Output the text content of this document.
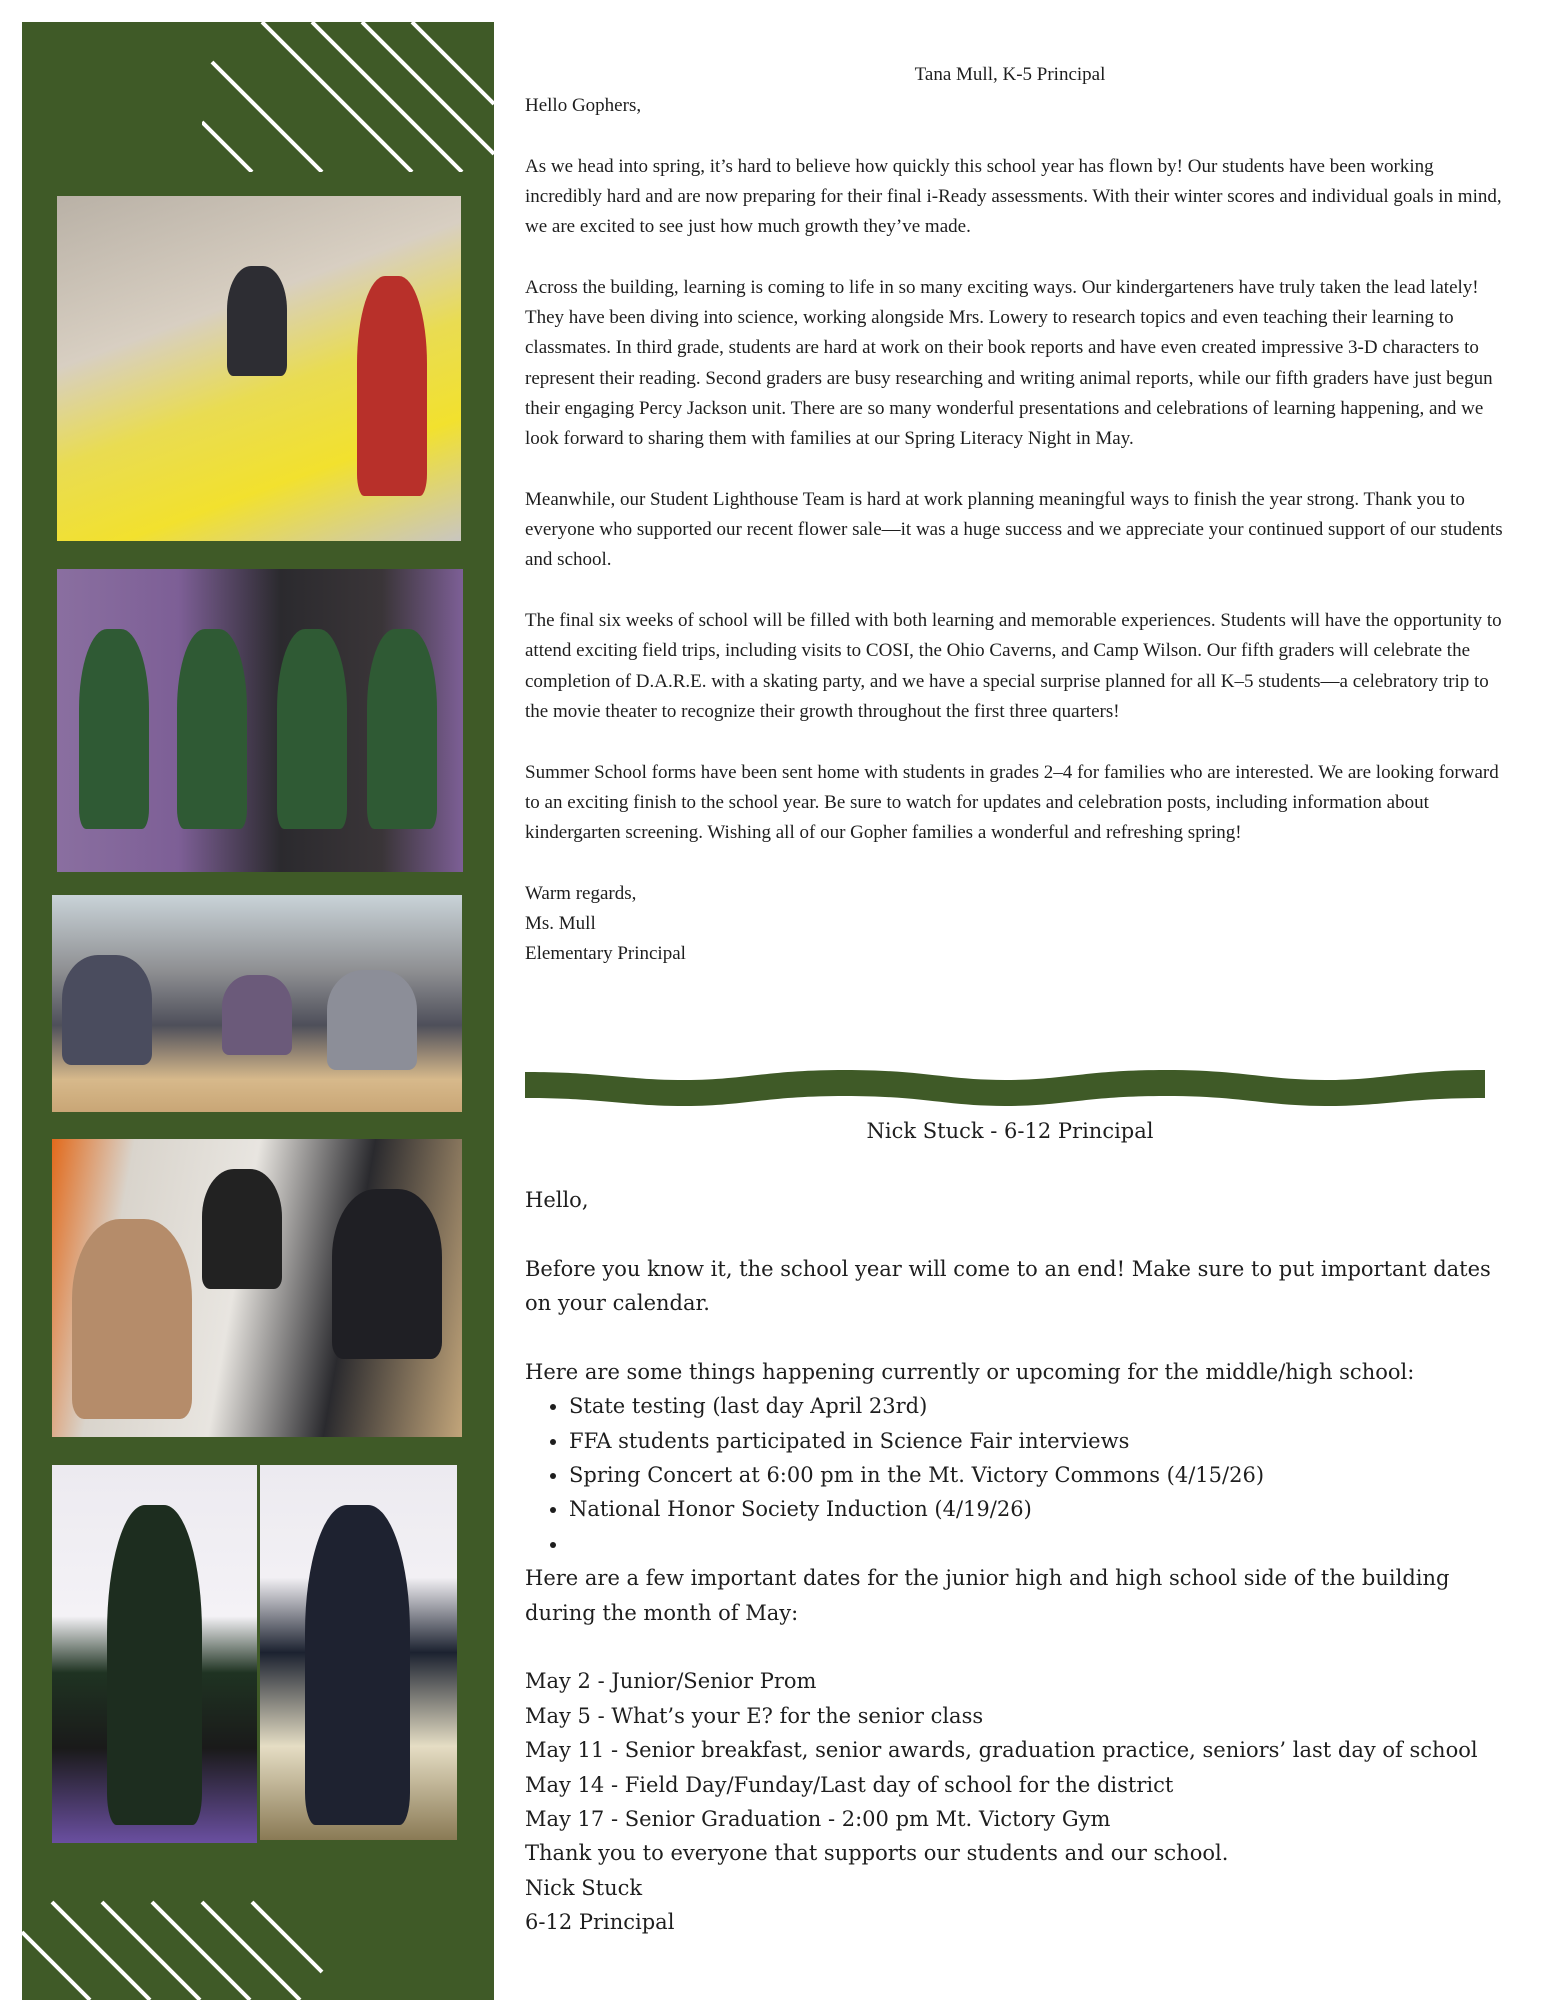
Tana Mull, K-5 Principal

Hello Gophers,

As we head into spring, it’s hard to believe how quickly this school year has flown by! Our students have been working incredibly hard and are now preparing for their final i-Ready assessments. With their winter scores and individual goals in mind, we are excited to see just how much growth they’ve made.

Across the building, learning is coming to life in so many exciting ways. Our kindergarteners have truly taken the lead lately! They have been diving into science, working alongside Mrs. Lowery to research topics and even teaching their learning to classmates. In third grade, students are hard at work on their book reports and have even created impressive 3-D characters to represent their reading. Second graders are busy researching and writing animal reports, while our fifth graders have just begun their engaging Percy Jackson unit. There are so many wonderful presentations and celebrations of learning happening, and we look forward to sharing them with families at our Spring Literacy Night in May.

Meanwhile, our Student Lighthouse Team is hard at work planning meaningful ways to finish the year strong. Thank you to everyone who supported our recent flower sale—it was a huge success and we appreciate your continued support of our students and school.

The final six weeks of school will be filled with both learning and memorable experiences. Students will have the opportunity to attend exciting field trips, including visits to COSI, the Ohio Caverns, and Camp Wilson. Our fifth graders will celebrate the completion of D.A.R.E. with a skating party, and we have a special surprise planned for all K–5 students—a celebratory trip to the movie theater to recognize their growth throughout the first three quarters!

Summer School forms have been sent home with students in grades 2–4 for families who are interested. We are looking forward to an exciting finish to the school year. Be sure to watch for updates and celebration posts, including information about kindergarten screening. Wishing all of our Gopher families a wonderful and refreshing spring!

Warm regards,

Ms. Mull

Elementary Principal

Nick Stuck - 6-12 Principal

Hello,

Before you know it, the school year will come to an end! Make sure to put important dates on your calendar.

Here are some things happening currently or upcoming for the middle/high school:

• State testing (last day April 23rd)
• FFA students participated in Science Fair interviews
• Spring Concert at 6:00 pm in the Mt. Victory Commons (4/15/26)
• National Honor Society Induction (4/19/26)
•

Here are a few important dates for the junior high and high school side of the building during the month of May:

May 2 - Junior/Senior Prom
May 5 - What’s your E? for the senior class
May 11 - Senior breakfast, senior awards, graduation practice, seniors’ last day of school
May 14 - Field Day/Funday/Last day of school for the district
May 17 - Senior Graduation - 2:00 pm Mt. Victory Gym

Thank you to everyone that supports our students and our school.

Nick Stuck
6-12 Principal
